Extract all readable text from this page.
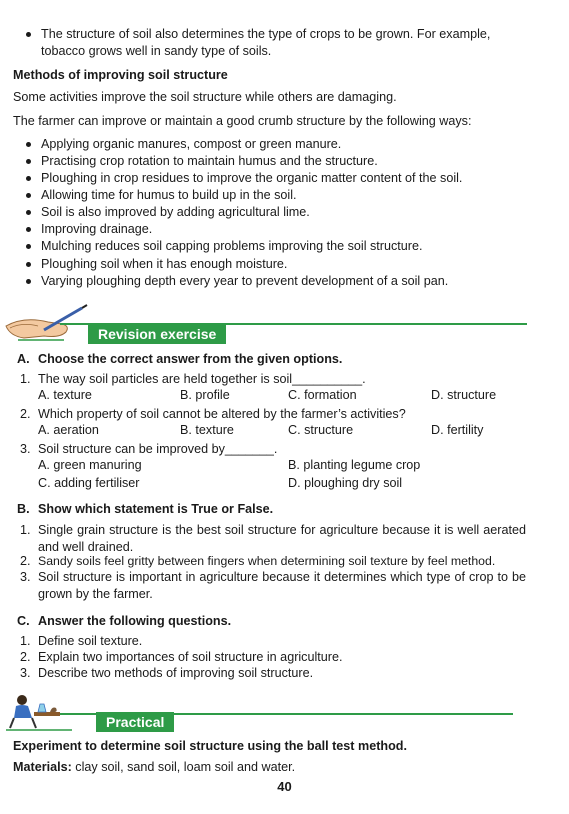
The structure of soil also determines the type of crops to be grown. For example, tobacco grows well in sandy type of soils.
Methods of improving soil structure
Some activities improve the soil structure while others are damaging.
The farmer can improve or maintain a good crumb structure by the following ways:
Applying organic manures, compost or green manure.
Practising crop rotation to maintain humus and the structure.
Ploughing in crop residues to improve the organic matter content of the soil.
Allowing time for humus to build up in the soil.
Soil is also improved by adding agricultural lime.
Improving drainage.
Mulching reduces soil capping problems improving the soil structure.
Ploughing soil when it has enough moisture.
Varying ploughing depth every year to prevent development of a soil pan.
Revision exercise
A. Choose the correct answer from the given options.
1. The way soil particles are held together is soil__________.
A. texture	B. profile	C. formation	D. structure
2. Which property of soil cannot be altered by the farmer’s activities?
A. aeration	B. texture	C. structure	D. fertility
3. Soil structure can be improved by_______.
A. green manuring	B. planting legume crop
C. adding fertiliser	D. ploughing dry soil
B. Show which statement is True or False.
1. Single grain structure is the best soil structure for agriculture because it is well aerated and well drained.
2. Sandy soils feel gritty between fingers when determining soil texture by feel method.
3. Soil structure is important in agriculture because it determines which type of crop to be grown by the farmer.
C. Answer the following questions.
1. Define soil texture.
2. Explain two importances of soil structure in agriculture.
3. Describe two methods of improving soil structure.
Practical
Experiment to determine soil structure using the ball test method.
Materials: clay soil, sand soil, loam soil and water.
40
